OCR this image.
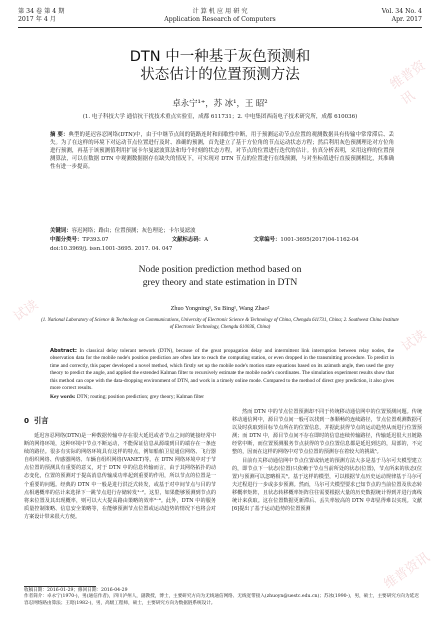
第 34 卷 第 4 期
2017 年 4 月
计 算 机 应 用 研 究
Application Research of Computers
Vol. 34 No. 4
Apr. 2017
DTN 中一种基于灰色预测和
状态估计的位置预测方法
卓永宁¹⁺，苏 冰¹，王 昭²
(1. 电子科技大学 通信抗干扰技术重点实验室，成都 611731；2. 中电集团西南电子技术研究所，成都 610036)
摘 要：典型的延迟容忍网络(DTN)中，由于中继节点间的链路连时和间歇性中断，用于预测运动节点位置的观测数据具有传输中常常滞后、丢失。为了在这样的环境下对运动节点位置进行及时、准确的预测，首先建立了基于方位角的节点运动状态方程；然后利用灰色预测理论对方位角进行预测，再基于该预测值利用扩展卡尔曼滤波算法和每个时刻的状态方程，对节点的位置进行迭代的估计。仿真分析表明，采用这样的位置预测算法，可以在数据 DTN 中观测数据据存在缺失的情况下，可实现对 DTN 节点的位置进行在线预测，与对坐标值进行直接预测相比，其准确性有进一步提高。
关键词：容迟网络；路由；位置预测；灰色理论；卡尔曼滤波
中图分类号：TP393.07	文献标志码：A	文章编号：1001-3695(2017)04-1162-04
doi:10.3969/j. issn.1001-3695. 2017. 04. 047
Node position prediction method based on
grey theory and state estimation in DTN
Zhuo Yongning¹, Su Bing¹, Wang Zhao²
(1. National Laboratory of Science & Technology on Communications, University of Electronic Science & Technology of China, Chengdu 611731, China; 2. Southwest China Institute of Electronic Technology, Chengdu 610036, China)
Abstract: In classical delay tolerant network (DTN), because of the great propagation delay and intermittent link interruption between relay nodes, the observation data for the mobile node's position prediction are often late to reach the computing station, or even dropped in the transmitting procedure. To predict in time and correctly, this paper developed a novel method, which firstly set up the mobile node's motion state equations based on its azimuth angle, then used the grey theory to predict the angle, and applied the extended Kalman filter to recursively estimate the mobile node's coordinates. The simulation experiment results show that this method can cope with the data-dropping environment of DTN, and work in a timely online mode. Compared to the method of direct grey prediction, it also gives more correct results.
Key words: DTN; routing; position prediction; grey theory; Kalman filter
0 引言

延迟容忍网络(DTN)是一种数据传输中存在很大延迟或者节点之间的链接经常中断的网络环境，这种环境中节点不断运动，不能保证信息从源端到目的端存在一条连续的路径。很多有实际的网络环境具有这样的特点，例如船舶卫星通信网络、飞行器自组织网络、传感器网络、车辆自组织网络(VANET)等。在 DTN 网络环境中对于节点位置的预测具有重要的意义，对于 DTN 中的信息传输而言，由于其网络拓扑的动态变化，位置的预测对于提高消息传输成功率起到重要的作用，所以节点的位置是一个重要的问题。经典的 DTN 中一般是进行洪泛式转发，或基于对中间节点与目的节点相遇概率的估计来选择下一跳节点进行存储转发¹⁻²。这里，如果能够预测到节点的将来位置及其出现概率，则可以大大提高路由策略的效率³⁻⁴。此外，DTN 中的服务质量控制策略、信息安全策略等，在能够预测节点位置或运动趋势的情况下也将会对方案设计带来很大方便。

然而 DTN 中的节点位置预测却不同于传统移动通信网中的位置预测问题。传统移动通信网中，源目节点间一般可以找到一条顺畅的连续路径，节点位置观测数据可以及时获取到目标节点所在的位置信息，并据此获得节点的运动趋势从而进行位置预测；而 DTN 中，源目节点间不存在即时的信息连续传输路径，传输延迟很大且链路经常中断，而位置预测服务节点获得的节点位置信息都是延迟到达的，局部的，不完整的，因而在这样的网络中对节点位置的预测存在着较大的挑战⁵。

目前有关移动通信网中节点位置或轨迹的预测方法大多是基于马尔可夫模型建立的，即节点下一状态(位置)只依赖于节点当前所处的状态(位置)，节点所来的状态(位置)与预测可以忽略相关⁶。基于这样的模型，可以根据节点历史运动规律基于马尔可夫过程进行一步或多步预测。然而，马尔可夫模型要求已知节点的当前位置及状态转移概率矩阵，且状态转移概率矩阵往往需要根据大量的历史数据统计得到并进行离线统计来获取。这在位置数据更新滞后、丢失率较高的 DTN 中却显得难以实现。文献[6]提出了基于运动趋势的位置预测

收稿日期：2016-01-29；修回日期：2016-04-29
作者简介：卓永宁(1970-)，男(通信作者)，四川泸州人，副教授，博士，主要研究方向为无线通信网络、无线宽带接入(zhuoyn@uestc.edu.cn)；苏冰(1990-)，男，硕士，主要研究方向为延迟容忍网络路由算法；王昭(1982-)，男，高级工程师，硕士，主要研究方向为数据链系统设计。
维普资讯
试读
试读
维普资讯
